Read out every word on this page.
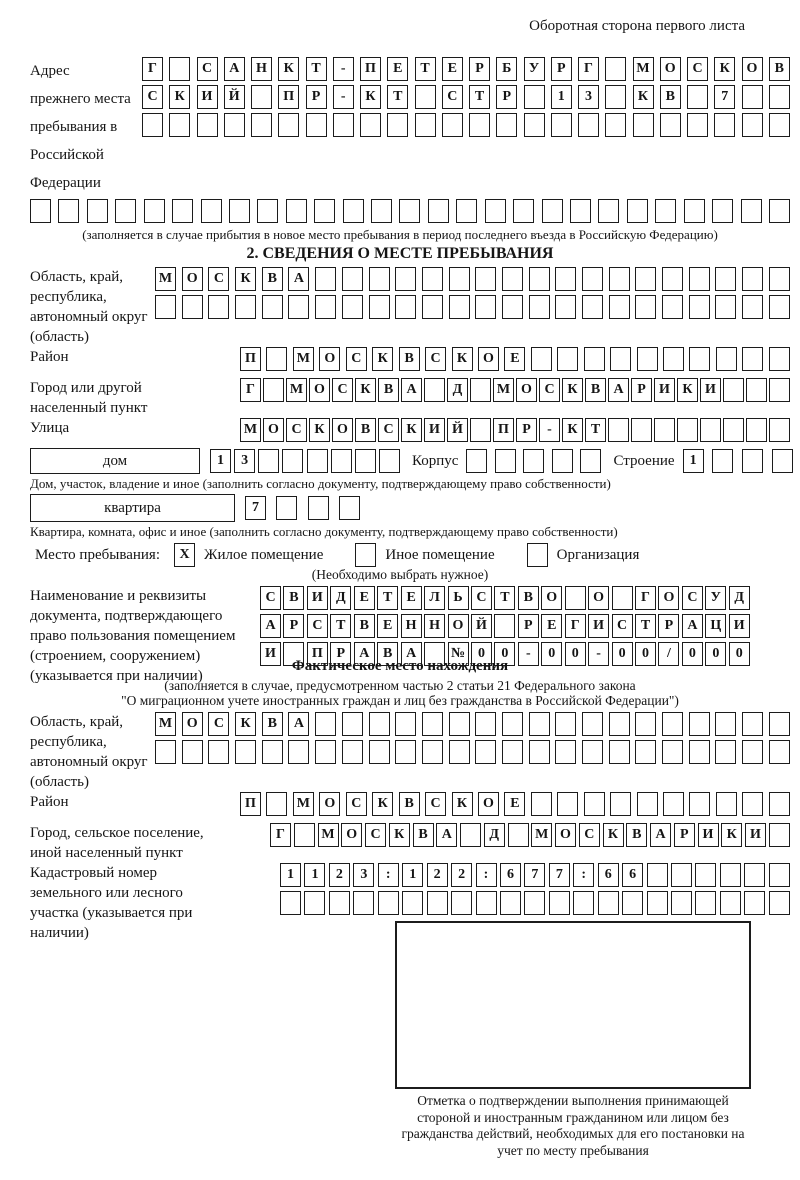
Оборотная сторона первого листа
Адрес прежнего места пребывания в Российской Федерации
Г	С	А	Н	К	Т	-	П	Е	Т	Е	Р	Б	У	Р	Г	М	О	С	К	О	В
С	К	И	Й	П	Р	-	К	Т	С	Т	Р	1	3	К	В	7
(заполняется в случае прибытия в новое место пребывания в период последнего въезда в Российскую Федерацию)
2. СВЕДЕНИЯ О МЕСТЕ ПРЕБЫВАНИЯ
Область, край, республика, автономный округ (область)
М	О	С	К	В	А
Район	П	М	О	С	К	В	С	К	О	Е
Город или другой населенный пункт
Г	М О С К В А	Д	М О С К В А Р И К И
Улица	М О С К О В С К И Й	П Р	-	К Т
дом	1	3	Корпус	Строение	1
Дом, участок, владение и иное (заполнить согласно документу, подтверждающему право собственности)
квартира	7
Квартира, комната, офис и иное (заполнить согласно документу, подтверждающему право собственности)
Место пребывания:	X Жилое помещение	Иное помещение	Организация
(Необходимо выбрать нужное)
Наименование и реквизиты документа, подтверждающего право пользования помещением (строением, сооружением) (указывается при наличии)
С В И Д Е	Т	Е Л Ь С Т	В О	О	Г О С У Д
А	Р	С Т	В	Е Н Н О Й	Р	Е	Г И С Т	Р	А Ц И
И	П Р	А В А	№ 0	0	-	0	0	-	0	0	/	0	0	0
Фактическое место нахождения
(заполняется в случае, предусмотренном частью 2 статьи 21 Федерального закона
"О миграционном учете иностранных граждан и лиц без гражданства в Российской Федерации")
Область, край, республика, автономный округ (область)
М	О	С	К	В	А
Район	П	М	О	С	К	В	С	К	О	Е
Город, сельское поселение, иной населенный пункт
Г	М О С К	В	А	Д	М О С К	В	А	Р	И К И
Кадастровый номер земельного или лесного участка (указывается при наличии)
1	1	2	3	:	1	2	2	:	6	7	7	:	6	6
Отметка о подтверждении выполнения принимающей стороной и иностранным гражданином или лицом без гражданства действий, необходимых для его постановки на учет по месту пребывания
